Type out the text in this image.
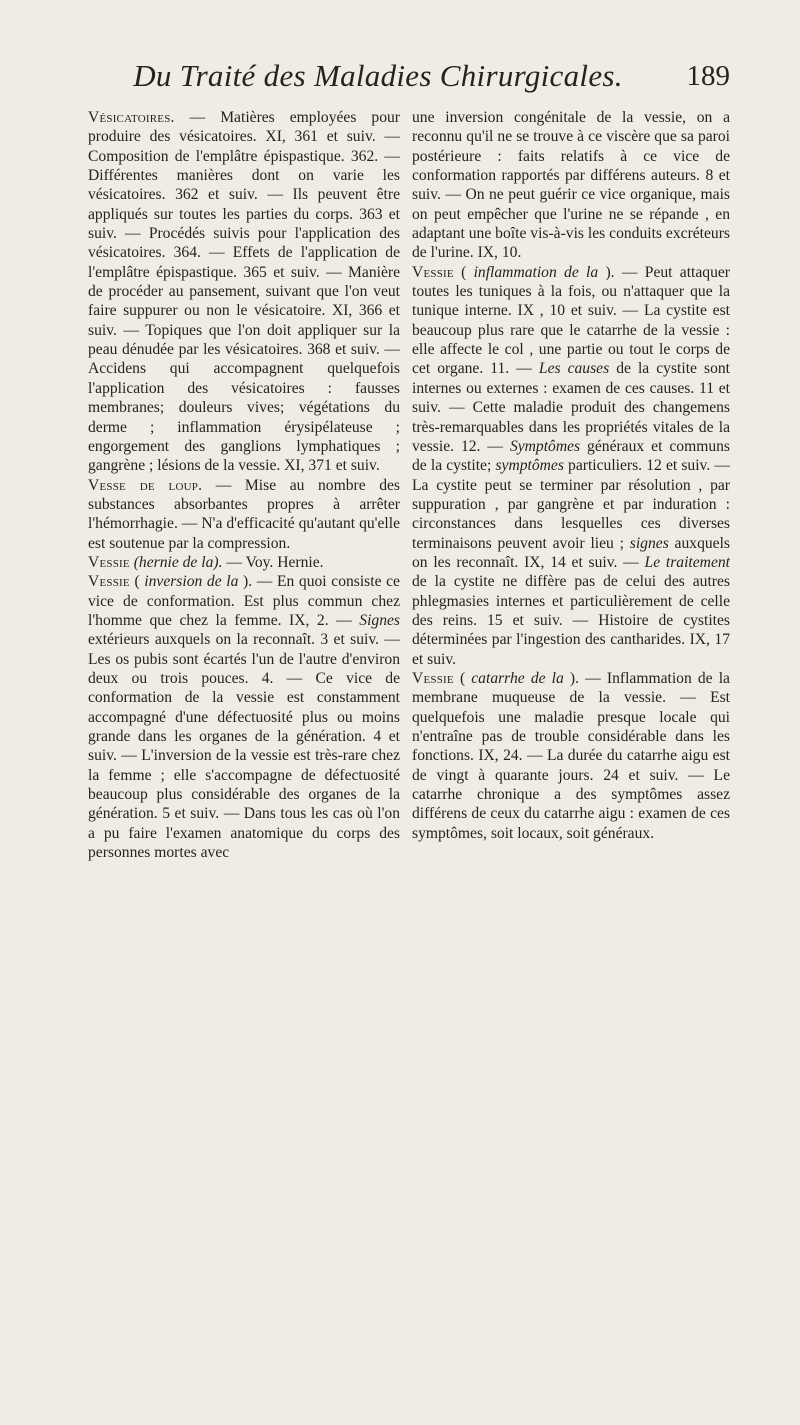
Du Traité des Maladies Chirurgicales.	189

Vésicatoires. — Matières employées pour produire des vésicatoires. XI, 361 et suiv. — Composition de l'emplâtre épispastique. 362. — Différentes manières dont on varie les vésicatoires. 362 et suiv. — Ils peuvent être appliqués sur toutes les parties du corps. 363 et suiv. — Procédés suivis pour l'application des vésicatoires. 364. — Effets de l'application de l'emplâtre épispastique. 365 et suiv. — Manière de procéder au pansement, suivant que l'on veut faire suppurer ou non le vésicatoire. XI, 366 et suiv. — Topiques que l'on doit appliquer sur la peau dénudée par les vésicatoires. 368 et suiv. — Accidens qui accompagnent quelquefois l'application des vésicatoires : fausses membranes; douleurs vives; végétations du derme ; inflammation érysipélateuse ; engorgement des ganglions lymphatiques ; gangrène ; lésions de la vessie. XI, 371 et suiv.

Vesse de loup. — Mise au nombre des substances absorbantes propres à arrêter l'hémorrhagie. — N'a d'efficacité qu'autant qu'elle est soutenue par la compression.

Vessie (hernie de la). — Voy. Hernie.

Vessie ( inversion de la ). — En quoi consiste ce vice de conformation. Est plus commun chez l'homme que chez la femme. IX, 2. — Signes extérieurs auxquels on la reconnaît. 3 et suiv. — Les os pubis sont écartés l'un de l'autre d'environ deux ou trois pouces. 4. — Ce vice de conformation de la vessie est constamment accompagné d'une défectuosité plus ou moins grande dans les organes de la génération. 4 et suiv. — L'inversion de la vessie est très-rare chez la femme ; elle s'accompagne de défectuosité beaucoup plus considérable des organes de la génération. 5 et suiv. — Dans tous les cas où l'on a pu faire l'examen anatomique du corps des personnes mortes avec

une inversion congénitale de la vessie, on a reconnu qu'il ne se trouve à ce viscère que sa paroi postérieure : faits relatifs à ce vice de conformation rapportés par différens auteurs. 8 et suiv. — On ne peut guérir ce vice organique, mais on peut empêcher que l'urine ne se répande , en adaptant une boîte vis-à-vis les conduits excréteurs de l'urine. IX, 10.

Vessie ( inflammation de la ). — Peut attaquer toutes les tuniques à la fois, ou n'attaquer que la tunique interne. IX , 10 et suiv. — La cystite est beaucoup plus rare que le catarrhe de la vessie : elle affecte le col , une partie ou tout le corps de cet organe. 11. — Les causes de la cystite sont internes ou externes : examen de ces causes. 11 et suiv. — Cette maladie produit des changemens très-remarquables dans les propriétés vitales de la vessie. 12. — Symptômes généraux et communs de la cystite; symptômes particuliers. 12 et suiv. — La cystite peut se terminer par résolution , par suppuration , par gangrène et par induration : circonstances dans lesquelles ces diverses terminaisons peuvent avoir lieu ; signes auxquels on les reconnaît. IX, 14 et suiv. — Le traitement de la cystite ne diffère pas de celui des autres phlegmasies internes et particulièrement de celle des reins. 15 et suiv. — Histoire de cystites déterminées par l'ingestion des cantharides. IX, 17 et suiv.

Vessie ( catarrhe de la ). — Inflammation de la membrane muqueuse de la vessie. — Est quelquefois une maladie presque locale qui n'entraîne pas de trouble considérable dans les fonctions. IX, 24. — La durée du catarrhe aigu est de vingt à quarante jours. 24 et suiv. — Le catarrhe chronique a des symptômes assez différens de ceux du catarrhe aigu : examen de ces symptômes, soit locaux, soit généraux.
